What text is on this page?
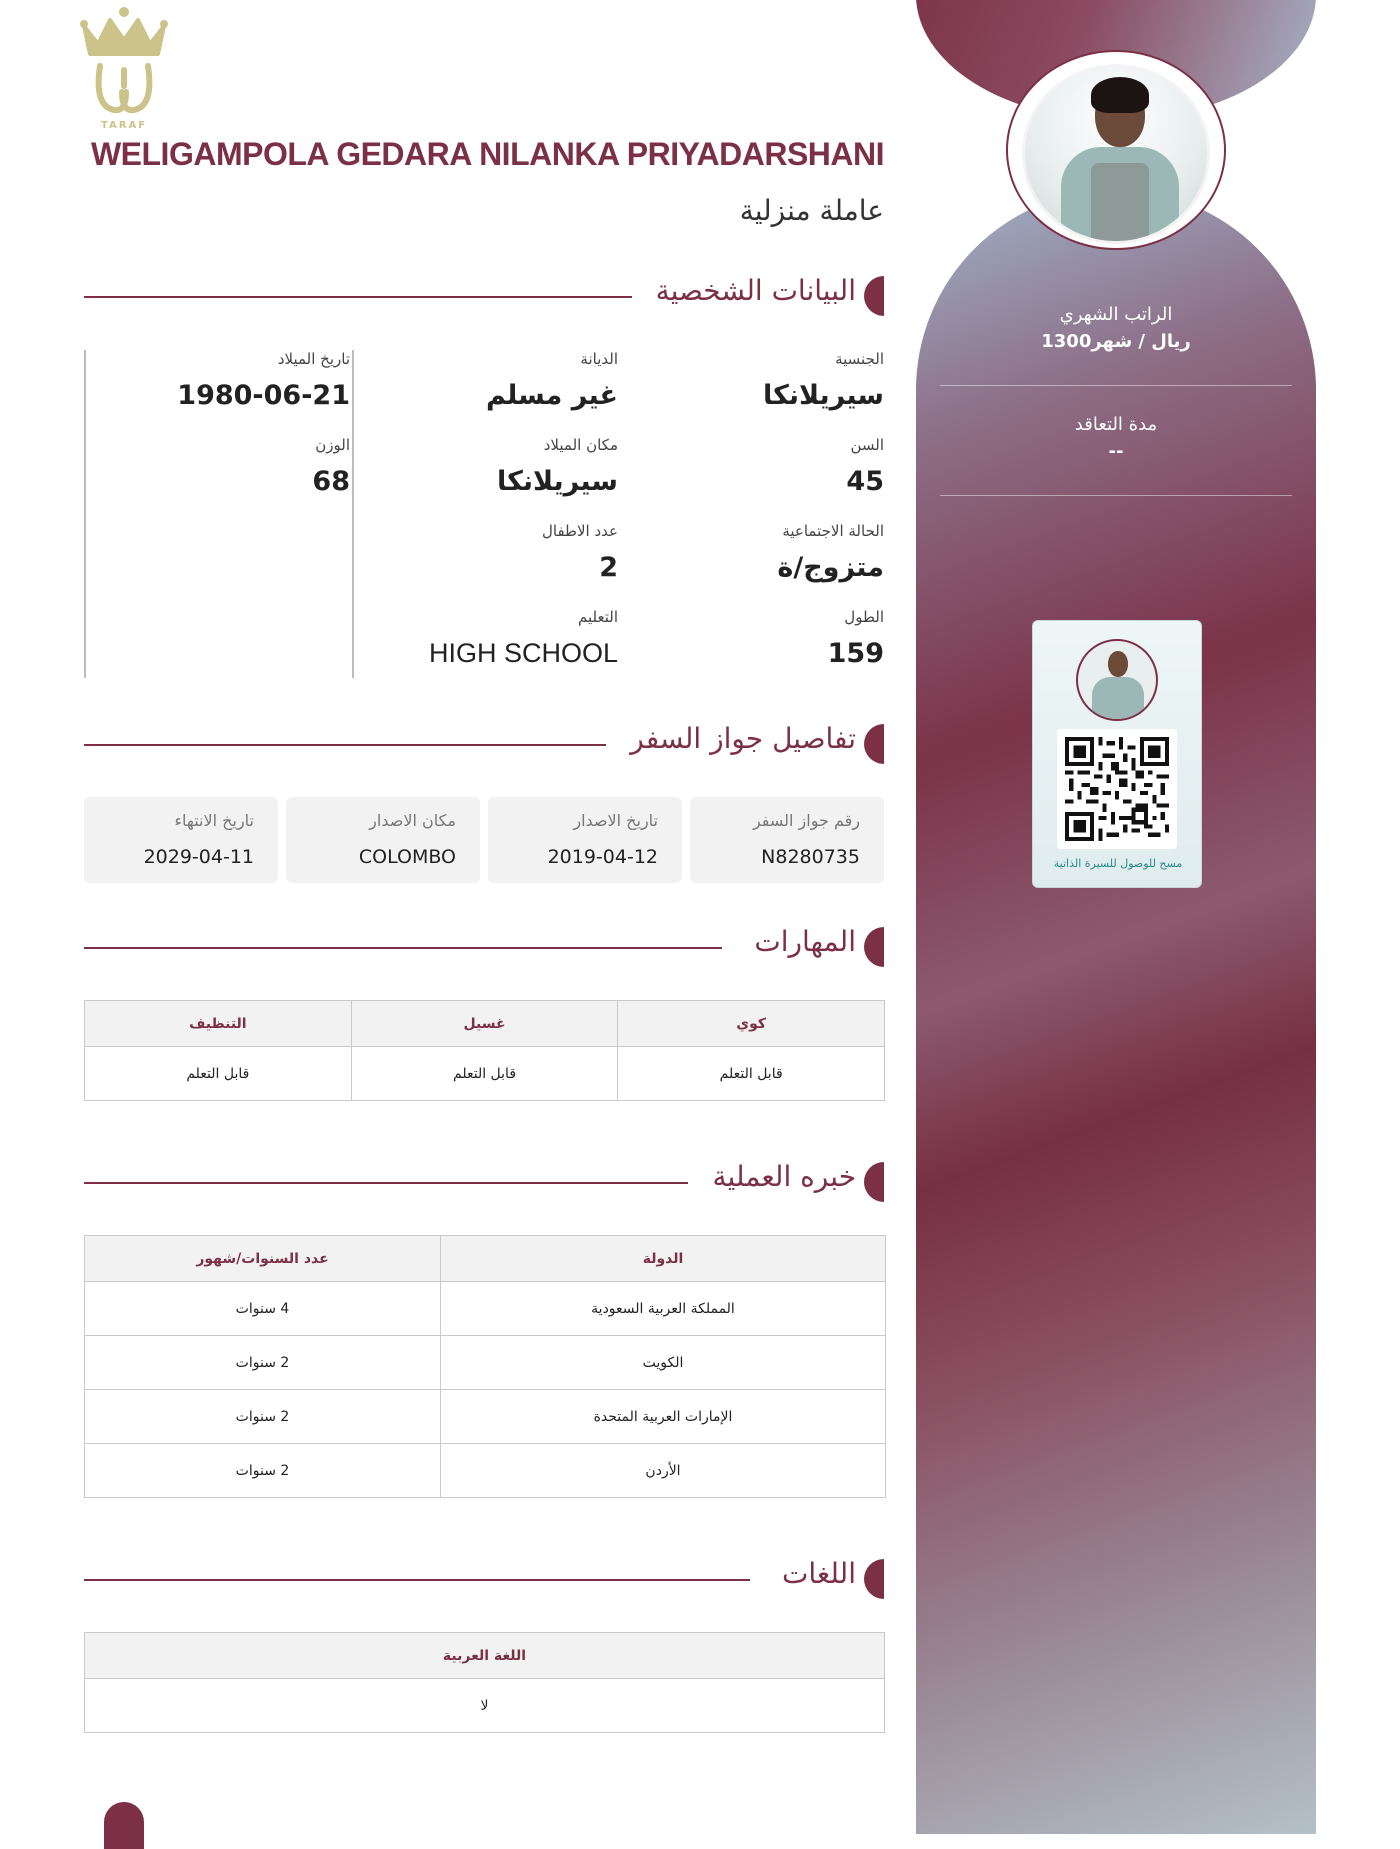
الراتب الشهري
1300ريال / شهر
مدة التعاقد
--
مسح للوصول للسيرة الذاتية
TARAF
WELIGAMPOLA GEDARA NILANKA PRIYADARSHANI
عاملة منزلية
البيانات الشخصية
الجنسية
سيريلانكا
السن
45
الحالة الاجتماعية
متزوج/ة
الطول
159
الديانة
غير مسلم
مكان الميلاد
سيريلانكا
عدد الاطفال
2
التعليم
HIGH SCHOOL
تاريخ الميلاد
1980-06-21
الوزن
68
تفاصيل جواز السفر
رقم جواز السفر
N8280735
تاريخ الاصدار
2019-04-12
مكان الاصدار
COLOMBO
تاريخ الانتهاء
2029-04-11
المهارات
كوي	غسيل	التنظيف
قابل التعلم	قابل التعلم	قابل التعلم
خبره العملية
الدولة	عدد السنوات/شهور
المملكة العربية السعودية	4 سنوات
الكويت	2 سنوات
الإمارات العربية المتحدة	2 سنوات
الأردن	2 سنوات
اللغات
اللغة العربية
لا
